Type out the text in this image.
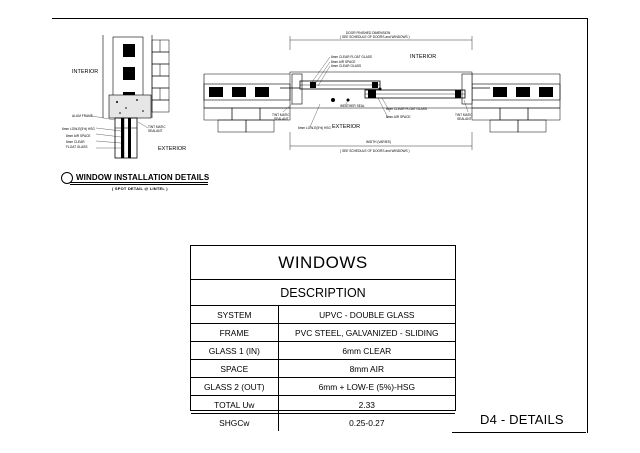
INTERIOR
EXTERIOR
ALUM FRAME
TINT MATIC
SEALANT
6mm LOW-E(5%) HSG
8mm AIR SPACE
6mm CLEAR
FLOAT GLASS
DOOR FINISHED DIMENSION
( SEE SCHEDULE OF DOORS and WINDOWS )
6mm CLEAR FLOAT GLASS
8mm AIR SPACE
6mm CLEAR GLASS
INTERIOR
EXTERIOR
WEATHER SEAL
TINT MATIC
SEALANT
6mm CLEAR FLOAT GLASS
8mm AIR SPACE	TINT MATIC
SEALANT
6mm LOW-E(5%) HSG
WIDTH (VARIES)
( SEE SCHEDULE OF DOORS and WINDOWS )
WINDOW INSTALLATION DETAILS
( SPOT DETAIL @ LINTEL )
WINDOWS	
DESCRIPTION	
SYSTEM	UPVC - DOUBLE GLASS
FRAME	PVC STEEL, GALVANIZED - SLIDING
GLASS 1 (IN)	6mm CLEAR
SPACE	8mm AIR
GLASS 2 (OUT)	6mm + LOW-E (5%)-HSG
TOTAL Uw	2.33
SHGCw	0.25-0.27	D4 - DETAILS
